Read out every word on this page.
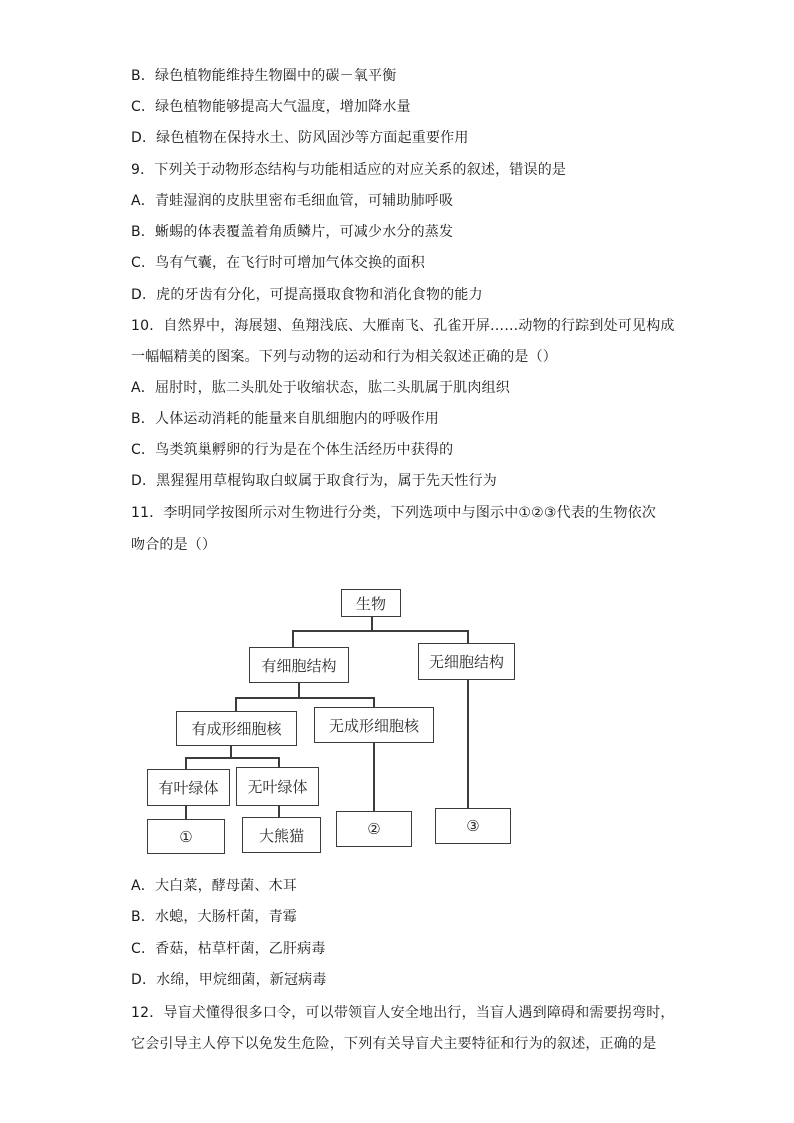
B．绿色植物能维持生物圈中的碳－氧平衡
C．绿色植物能够提高大气温度，增加降水量
D．绿色植物在保持水土、防风固沙等方面起重要作用
9．下列关于动物形态结构与功能相适应的对应关系的叙述，错误的是
A．青蛙湿润的皮肤里密布毛细血管，可辅助肺呼吸
B．蜥蜴的体表覆盖着角质鳞片，可减少水分的蒸发
C．鸟有气囊，在飞行时可增加气体交换的面积
D．虎的牙齿有分化，可提高摄取食物和消化食物的能力
10．自然界中，海展翅、鱼翔浅底、大雁南飞、孔雀开屏……动物的行踪到处可见构成
一幅幅精美的图案。下列与动物的运动和行为相关叙述正确的是（）
A．屈肘时，肱二头肌处于收缩状态，肱二头肌属于肌肉组织
B．人体运动消耗的能量来自肌细胞内的呼吸作用
C．鸟类筑巢孵卵的行为是在个体生活经历中获得的
D．黑猩猩用草棍钩取白蚁属于取食行为，属于先天性行为
11．李明同学按图所示对生物进行分类，下列选项中与图示中①②③代表的生物依次
吻合的是（）
生物
有细胞结构	无细胞结构
有成形细胞核	无成形细胞核
有叶绿体	无叶绿体
①	大熊猫	②	③
A．大白菜，酵母菌、木耳
B．水螅，大肠杆菌，青霉
C．香菇，枯草杆菌，乙肝病毒
D．水绵，甲烷细菌，新冠病毒
12．导盲犬懂得很多口令，可以带领盲人安全地出行，当盲人遇到障碍和需要拐弯时，
它会引导主人停下以免发生危险，下列有关导盲犬主要特征和行为的叙述，正确的是
